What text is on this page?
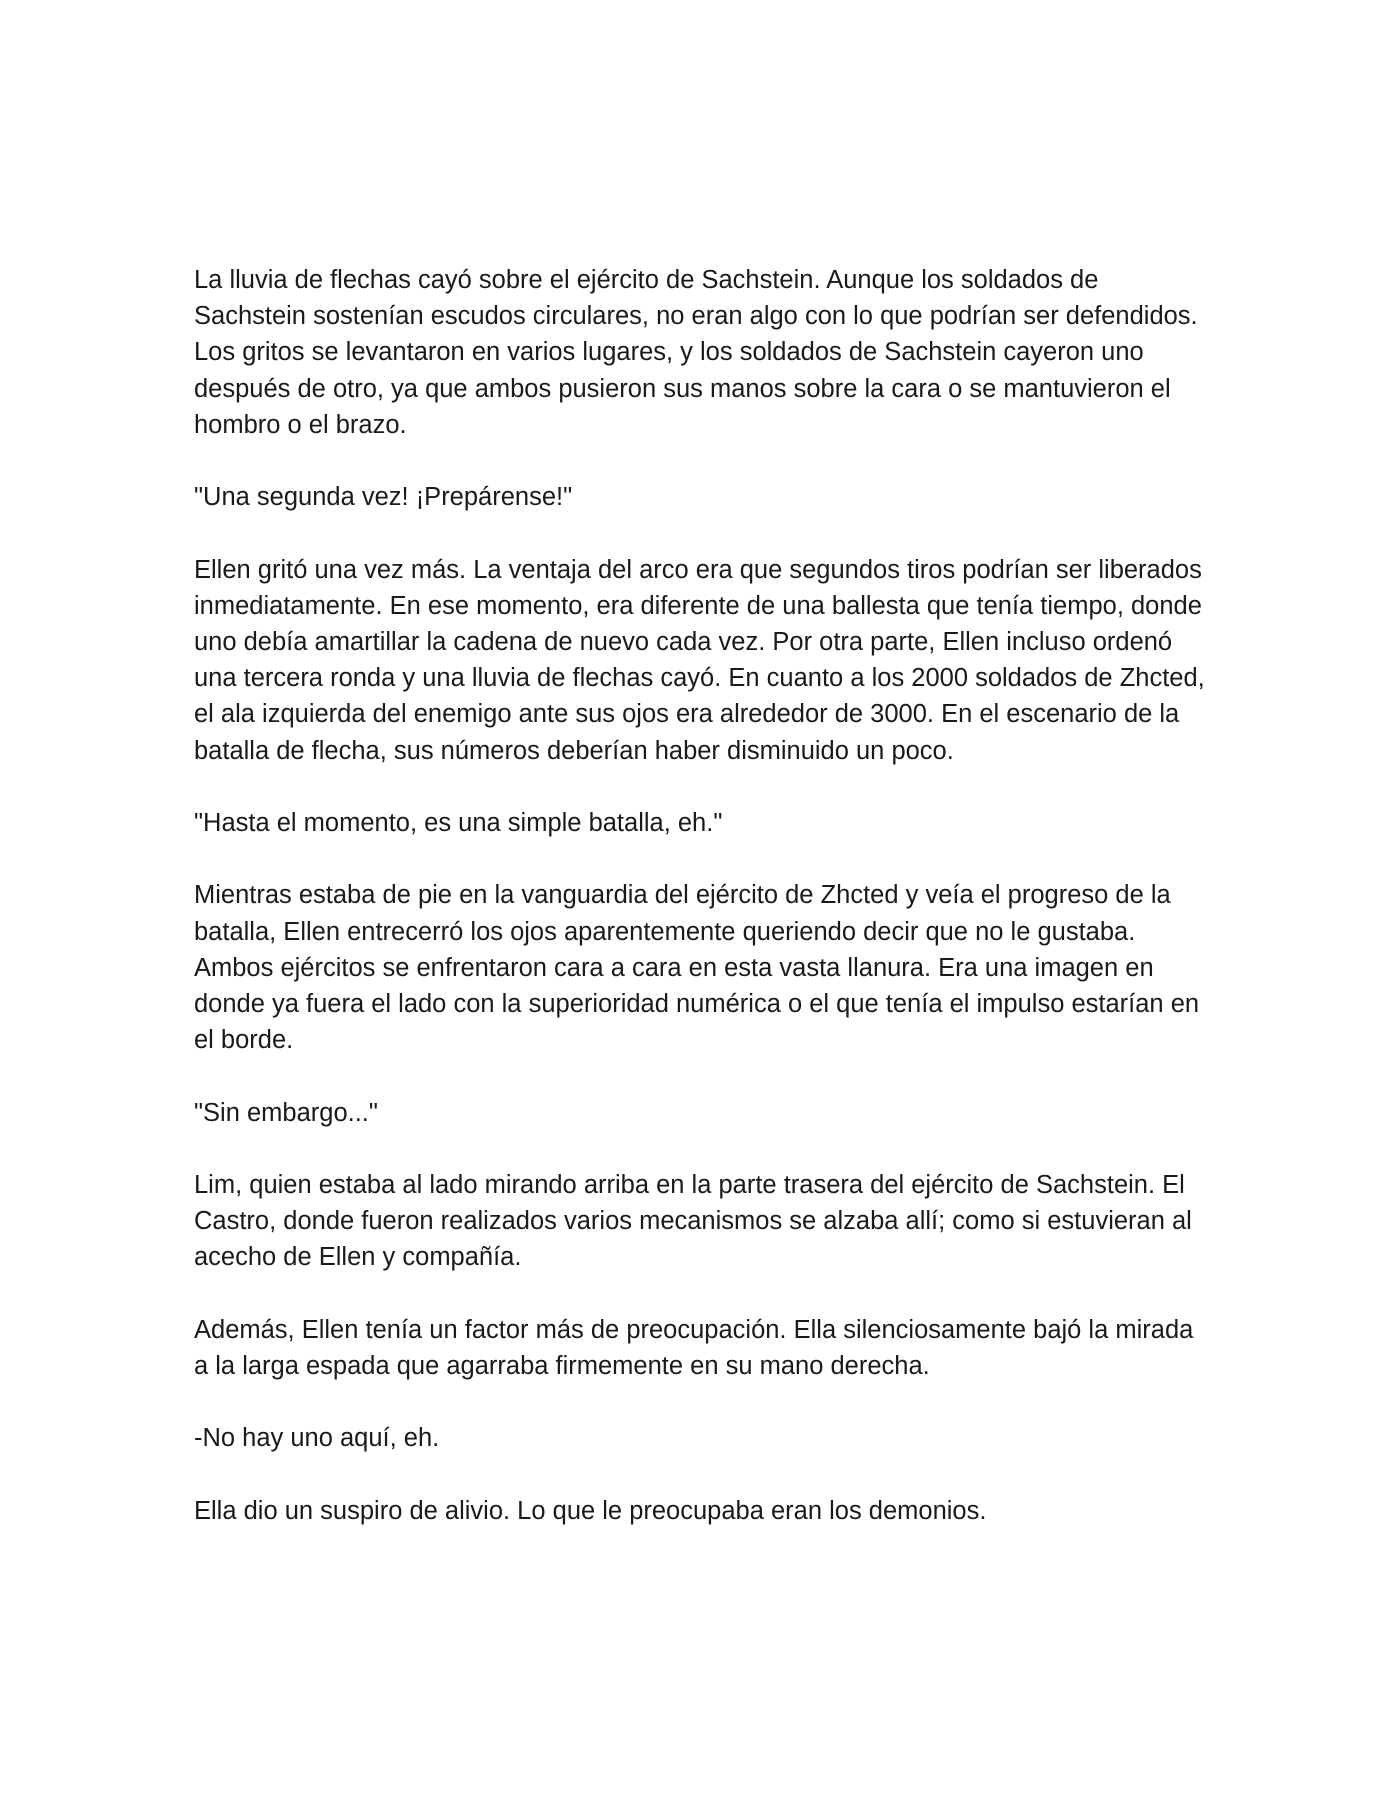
La lluvia de flechas cayó sobre el ejército de Sachstein. Aunque los soldados de Sachstein sostenían escudos circulares, no eran algo con lo que podrían ser defendidos. Los gritos se levantaron en varios lugares, y los soldados de Sachstein cayeron uno después de otro, ya que ambos pusieron sus manos sobre la cara o se mantuvieron el hombro o el brazo.

"Una segunda vez! ¡Prepárense!"

Ellen gritó una vez más. La ventaja del arco era que segundos tiros podrían ser liberados inmediatamente. En ese momento, era diferente de una ballesta que tenía tiempo, donde uno debía amartillar la cadena de nuevo cada vez. Por otra parte, Ellen incluso ordenó una tercera ronda y una lluvia de flechas cayó. En cuanto a los 2000 soldados de Zhcted, el ala izquierda del enemigo ante sus ojos era alrededor de 3000. En el escenario de la batalla de flecha, sus números deberían haber disminuido un poco.

"Hasta el momento, es una simple batalla, eh."

Mientras estaba de pie en la vanguardia del ejército de Zhcted y veía el progreso de la batalla, Ellen entrecerró los ojos aparentemente queriendo decir que no le gustaba. Ambos ejércitos se enfrentaron cara a cara en esta vasta llanura. Era una imagen en donde ya fuera el lado con la superioridad numérica o el que tenía el impulso estarían en el borde.

"Sin embargo..."

Lim, quien estaba al lado mirando arriba en la parte trasera del ejército de Sachstein. El Castro, donde fueron realizados varios mecanismos se alzaba allí; como si estuvieran al acecho de Ellen y compañía.

Además, Ellen tenía un factor más de preocupación. Ella silenciosamente bajó la mirada a la larga espada que agarraba firmemente en su mano derecha.

-No hay uno aquí, eh.

Ella dio un suspiro de alivio. Lo que le preocupaba eran los demonios.
